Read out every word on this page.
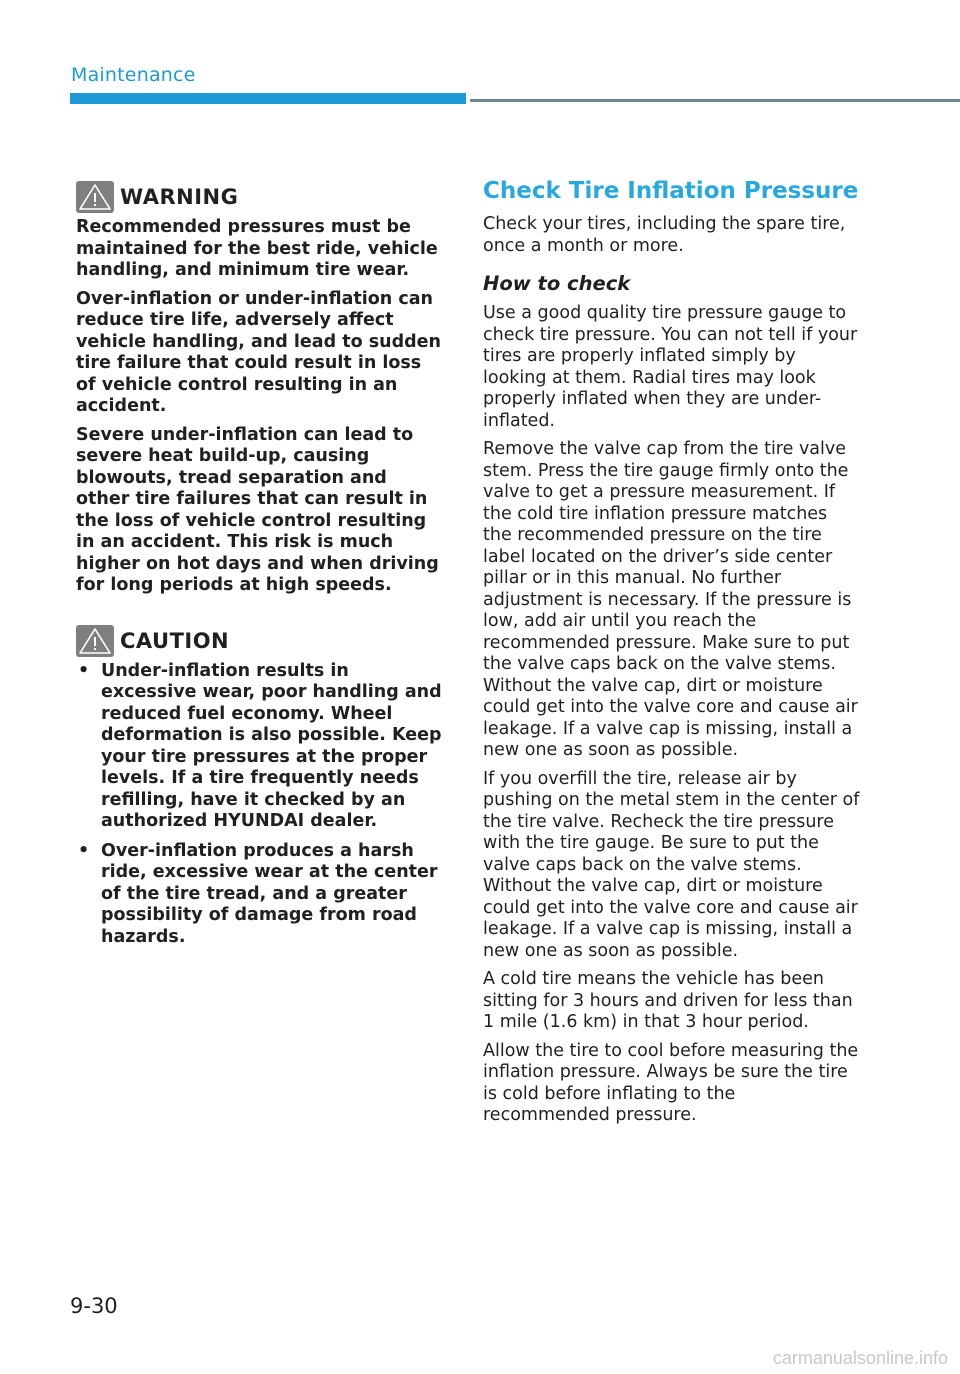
Maintenance
WARNING

Recommended pressures must be maintained for the best ride, vehicle handling, and minimum tire wear.

Over-inflation or under-inflation can reduce tire life, adversely affect vehicle handling, and lead to sudden tire failure that could result in loss of vehicle control resulting in an accident.

Severe under-inflation can lead to severe heat build-up, causing blowouts, tread separation and other tire failures that can result in the loss of vehicle control resulting in an accident. This risk is much higher on hot days and when driving for long periods at high speeds.

CAUTION
• Under-inflation results in excessive wear, poor handling and reduced fuel economy. Wheel deformation is also possible. Keep your tire pressures at the proper levels. If a tire frequently needs refilling, have it checked by an authorized HYUNDAI dealer.
• Over-inflation produces a harsh ride, excessive wear at the center of the tire tread, and a greater possibility of damage from road hazards.
Check Tire Inflation Pressure

Check your tires, including the spare tire, once a month or more.

How to check

Use a good quality tire pressure gauge to check tire pressure. You can not tell if your tires are properly inflated simply by looking at them. Radial tires may look properly inflated when they are under-inflated.

Remove the valve cap from the tire valve stem. Press the tire gauge firmly onto the valve to get a pressure measurement. If the cold tire inflation pressure matches the recommended pressure on the tire label located on the driver’s side center pillar or in this manual. No further adjustment is necessary. If the pressure is low, add air until you reach the recommended pressure. Make sure to put the valve caps back on the valve stems. Without the valve cap, dirt or moisture could get into the valve core and cause air leakage. If a valve cap is missing, install a new one as soon as possible.

If you overfill the tire, release air by pushing on the metal stem in the center of the tire valve. Recheck the tire pressure with the tire gauge. Be sure to put the valve caps back on the valve stems. Without the valve cap, dirt or moisture could get into the valve core and cause air leakage. If a valve cap is missing, install a new one as soon as possible.

A cold tire means the vehicle has been sitting for 3 hours and driven for less than 1 mile (1.6 km) in that 3 hour period.

Allow the tire to cool before measuring the inflation pressure. Always be sure the tire is cold before inflating to the recommended pressure.

9-30
carmanualsonline.info
